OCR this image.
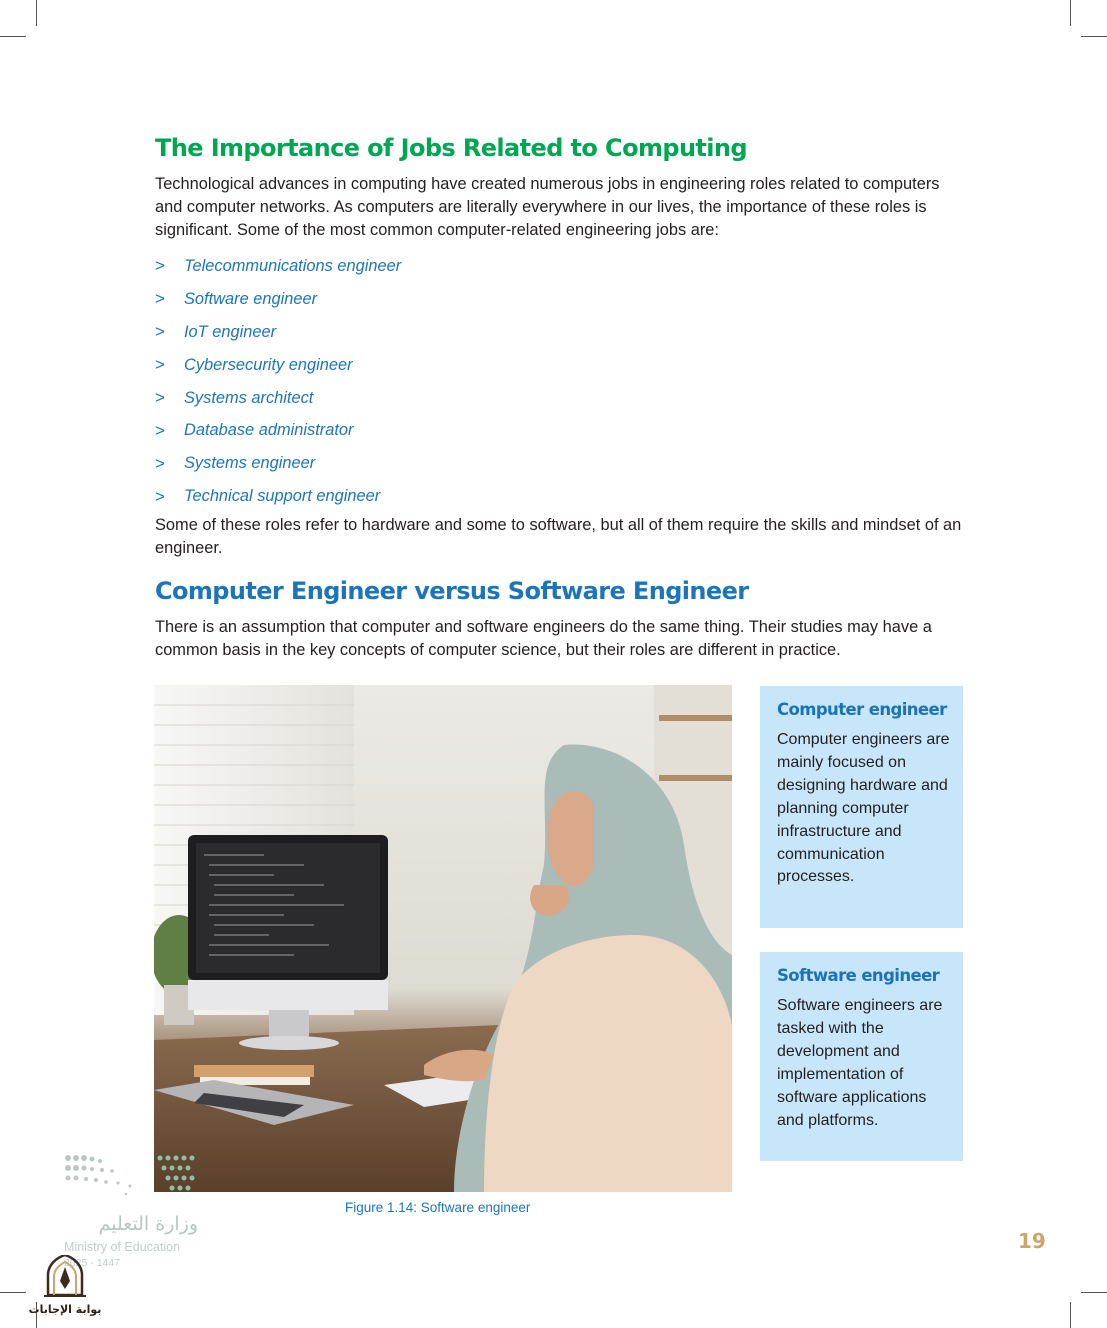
The Importance of Jobs Related to Computing

Technological advances in computing have created numerous jobs in engineering roles related to computers and computer networks. As computers are literally everywhere in our lives, the importance of these roles is significant. Some of the most common computer-related engineering jobs are:

>	Telecommunications engineer
>	Software engineer
>	IoT engineer
>	Cybersecurity engineer
>	Systems architect
>	Database administrator
>	Systems engineer
>	Technical support engineer

Some of these roles refer to hardware and some to software, but all of them require the skills and mindset of an engineer.

Computer Engineer versus Software Engineer

There is an assumption that computer and software engineers do the same thing. Their studies may have a common basis in the key concepts of computer science, but their roles are different in practice.

Figure 1.14: Software engineer
Computer engineer

Computer engineers are mainly focused on designing hardware and planning computer infrastructure and communication processes.

Software engineer

Software engineers are tasked with the development and implementation of software applications and platforms.

19
وزارة التعليم
Ministry of Education
2025 - 1447
بوابة الإجابات
